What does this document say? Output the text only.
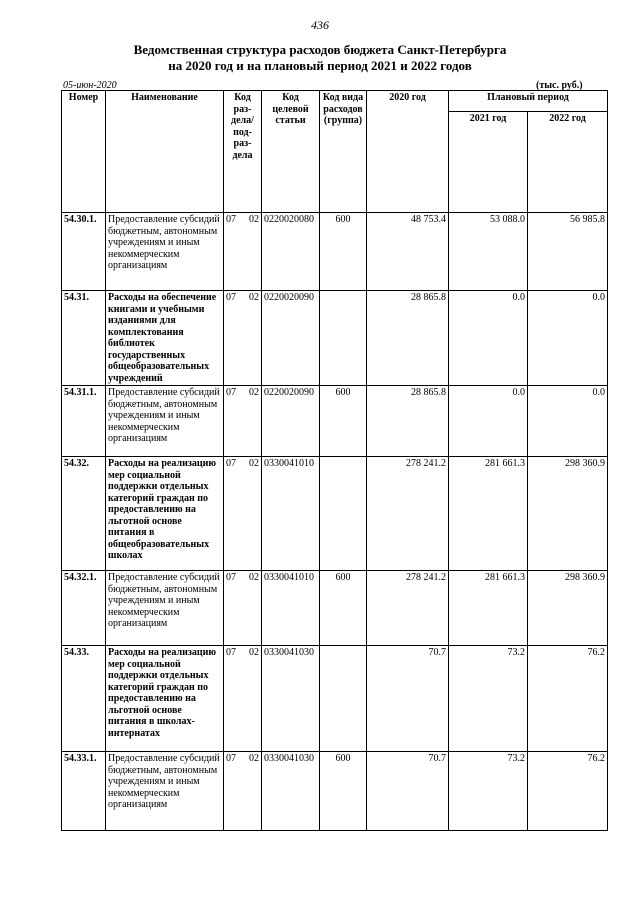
436
Ведомственная структура расходов бюджета Санкт-Петербурга
на 2020 год и на плановый период 2021 и 2022 годов
05-июн-2020	(тыс. руб.)
Номер	Наименование	Код раз-дела/ под-раз-дела	Код целевой статьи	Код вида расходов (группа)	2020 год	Плановый период	
						2021 год	2022 год
54.30.1.	Предоставление субсидий бюджетным, автономным учреждениям и иным некоммерческим организациям	07 02	0220020080	600	48 753.4	53 088.0	56 985.8
54.31.	Расходы на обеспечение книгами и учебными изданиями для комплектования библиотек государственных общеобразовательных учреждений	07 02	0220020090		28 865.8	0.0	0.0
54.31.1.	Предоставление субсидий бюджетным, автономным учреждениям и иным некоммерческим организациям	07 02	0220020090	600	28 865.8	0.0	0.0
54.32.	Расходы на реализацию мер социальной поддержки отдельных категорий граждан по предоставлению на льготной основе питания в общеобразовательных школах	07 02	0330041010		278 241.2	281 661.3	298 360.9
54.32.1.	Предоставление субсидий бюджетным, автономным учреждениям и иным некоммерческим организациям	07 02	0330041010	600	278 241.2	281 661.3	298 360.9
54.33.	Расходы на реализацию мер социальной поддержки отдельных категорий граждан по предоставлению на льготной основе питания в школах-интернатах	07 02	0330041030		70.7	73.2	76.2
54.33.1.	Предоставление субсидий бюджетным, автономным учреждениям и иным некоммерческим организациям	07 02	0330041030	600	70.7	73.2	76.2
